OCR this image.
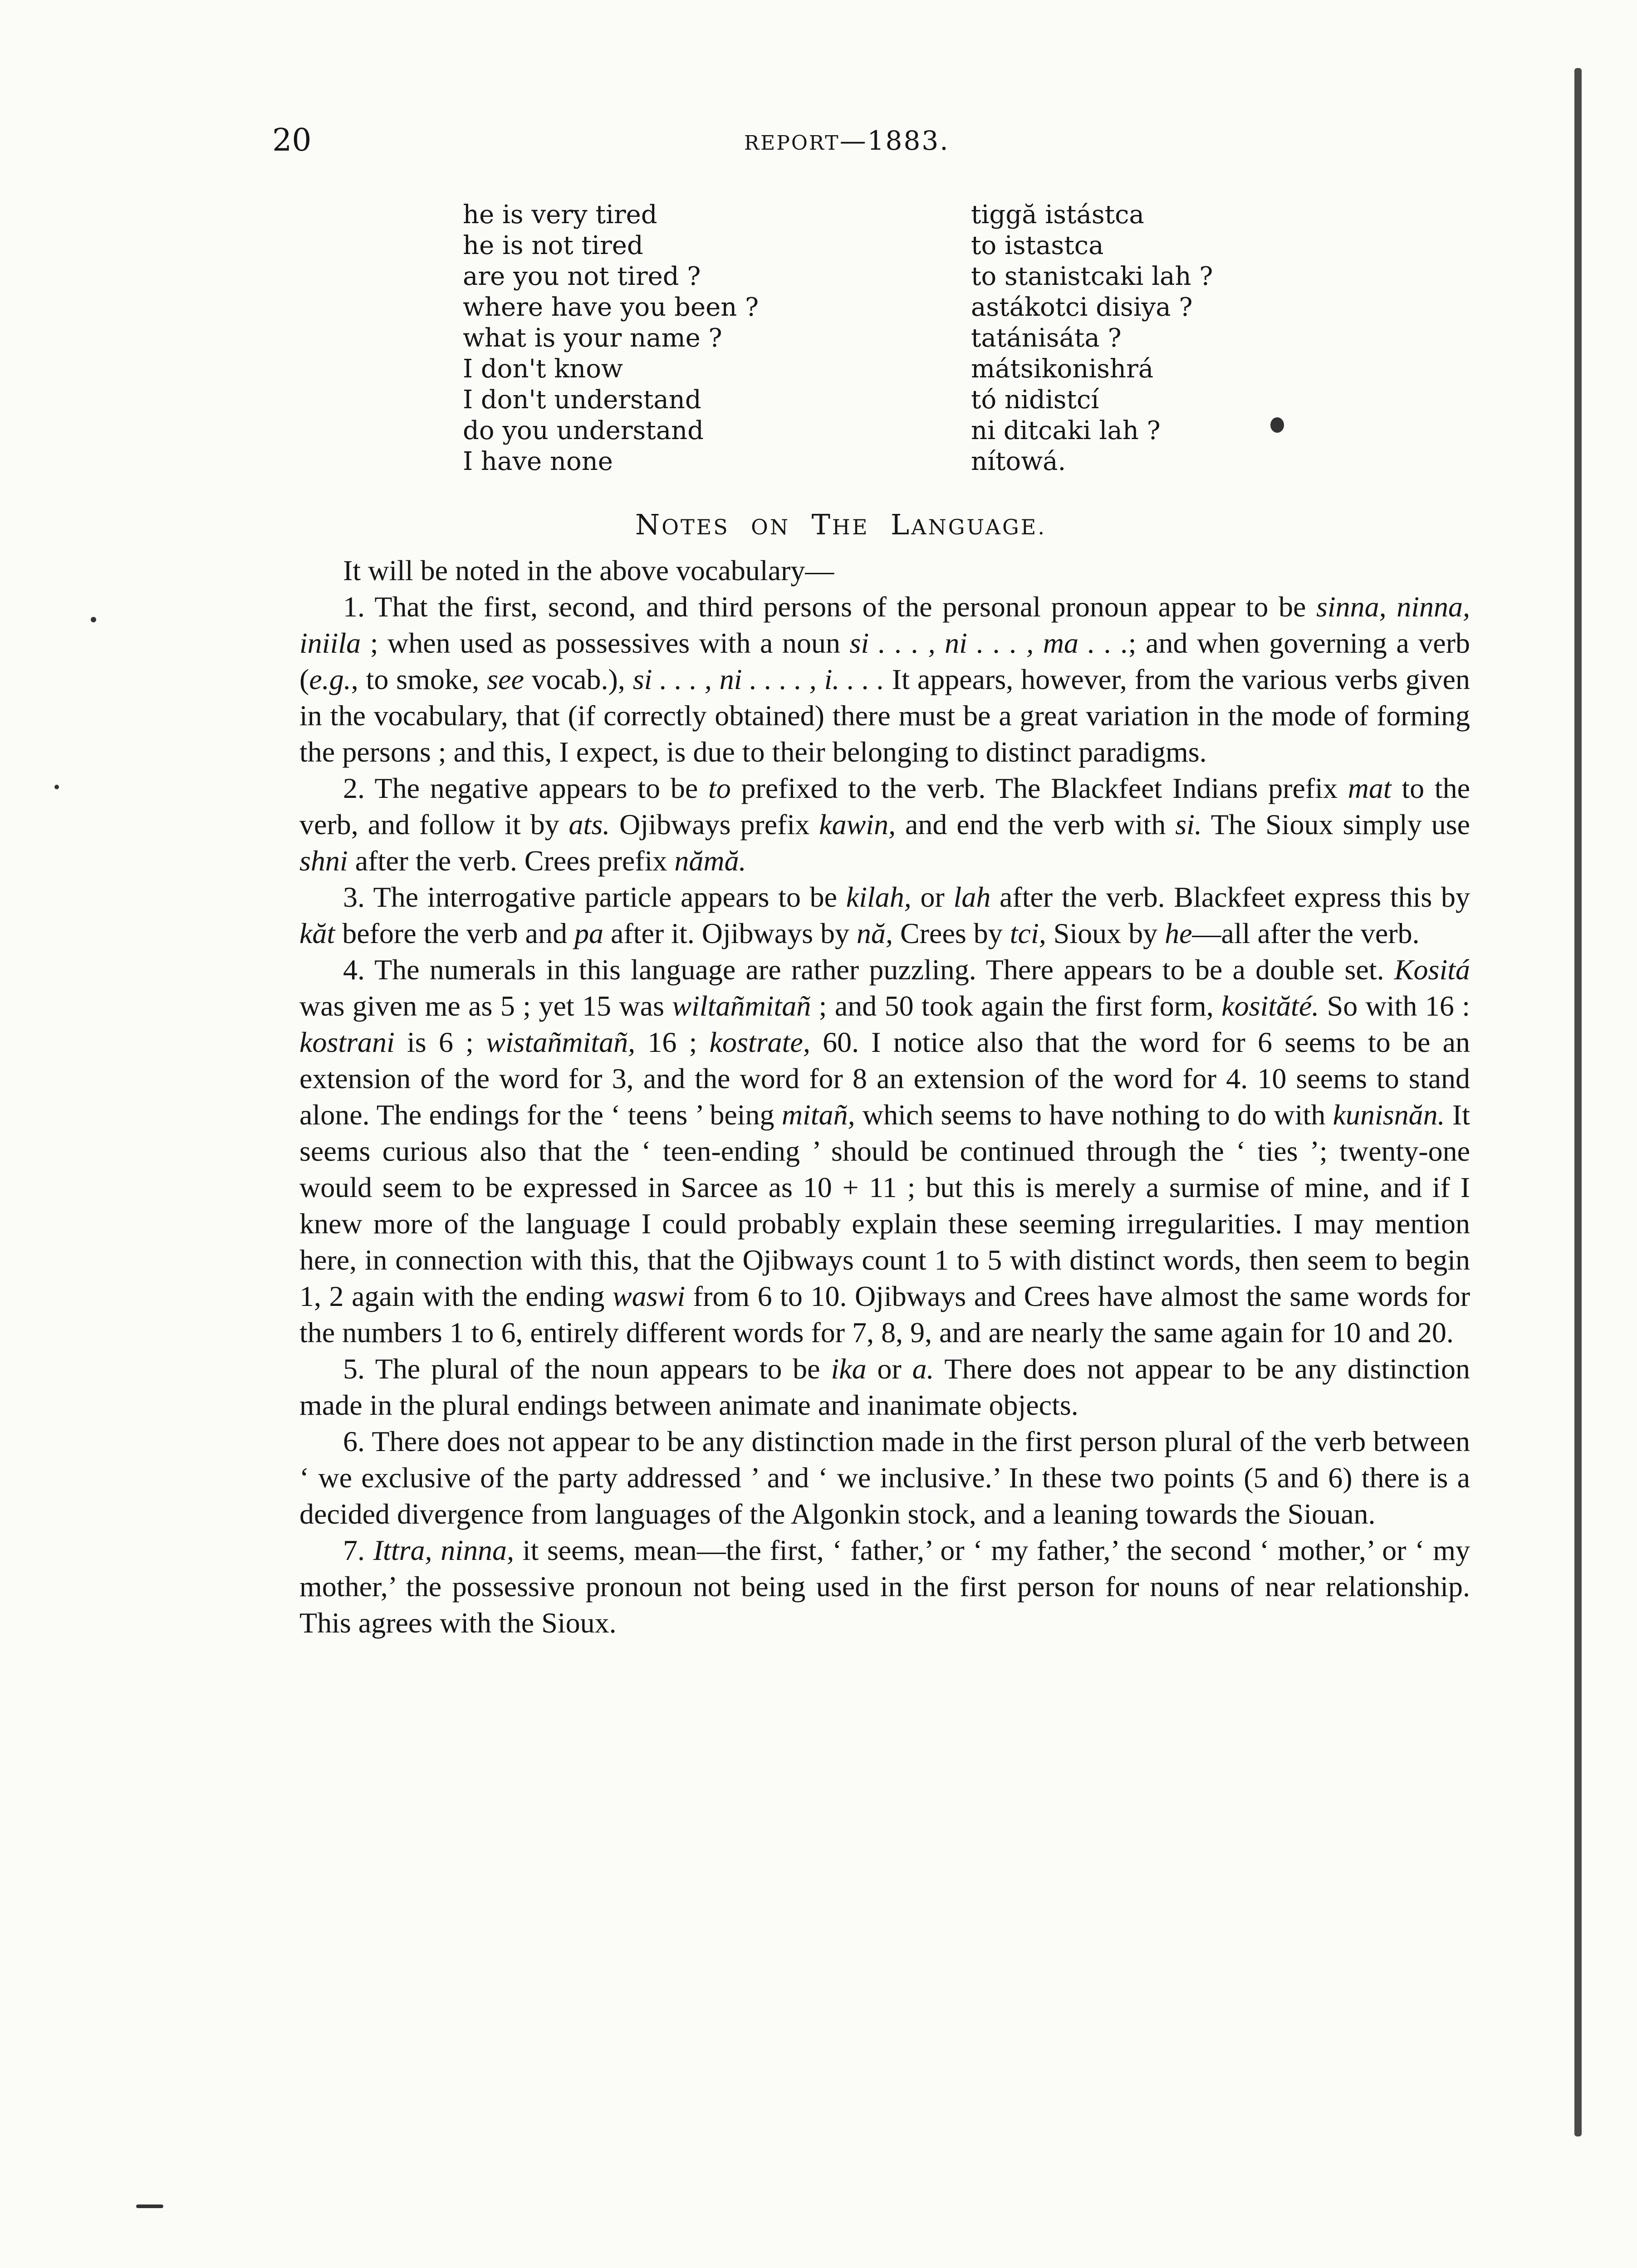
20	REPORT—1883.
he is very tired	tiggă istástca
he is not tired	to istastca
are you not tired ?	to stanistcaki lah ?
where have you been ?	astákotci disiya ?
what is your name ?	tatánisáta ?
I don't know	mátsikonishrá
I don't understand	tó nidistcí
do you understand	ni ditcaki lah ?
I have none	nítowá.
NOTES ON THE LANGUAGE.

It will be noted in the above vocabulary—

1. That the first, second, and third persons of the personal pronoun appear to be sinna, ninna, iniila ; when used as possessives with a noun si . . . , ni . . . , ma . . .; and when governing a verb (e.g., to smoke, see vocab.), si . . . , ni . . . . , i. . . . It appears, however, from the various verbs given in the vocabulary, that (if correctly obtained) there must be a great variation in the mode of forming the persons ; and this, I expect, is due to their belonging to distinct paradigms.

2. The negative appears to be to prefixed to the verb. The Blackfeet Indians prefix mat to the verb, and follow it by ats. Ojibways prefix kawin, and end the verb with si. The Sioux simply use shni after the verb. Crees prefix nămă.

3. The interrogative particle appears to be kilah, or lah after the verb. Blackfeet express this by kăt before the verb and pa after it. Ojibways by nă, Crees by tci, Sioux by he—all after the verb.

4. The numerals in this language are rather puzzling. There appears to be a double set. Kositá was given me as 5 ; yet 15 was wiltañmitañ ; and 50 took again the first form, kosităté. So with 16 : kostrani is 6 ; wistañmitañ, 16 ; kostrate, 60. I notice also that the word for 6 seems to be an extension of the word for 3, and the word for 8 an extension of the word for 4. 10 seems to stand alone. The endings for the ‘ teens ’ being mitañ, which seems to have nothing to do with kunisnăn. It seems curious also that the ‘ teen-ending ’ should be continued through the ‘ ties ’; twenty-one would seem to be expressed in Sarcee as 10 + 11 ; but this is merely a surmise of mine, and if I knew more of the language I could probably explain these seeming irregularities. I may mention here, in connection with this, that the Ojibways count 1 to 5 with distinct words, then seem to begin 1, 2 again with the ending waswi from 6 to 10. Ojibways and Crees have almost the same words for the numbers 1 to 6, entirely different words for 7, 8, 9, and are nearly the same again for 10 and 20.

5. The plural of the noun appears to be ika or a. There does not appear to be any distinction made in the plural endings between animate and inanimate objects.

6. There does not appear to be any distinction made in the first person plural of the verb between ‘ we exclusive of the party addressed ’ and ‘ we inclusive.’ In these two points (5 and 6) there is a decided divergence from languages of the Algonkin stock, and a leaning towards the Siouan.

7. Ittra, ninna, it seems, mean—the first, ‘ father,’ or ‘ my father,’ the second ‘ mother,’ or ‘ my mother,’ the possessive pronoun not being used in the first person for nouns of near relationship. This agrees with the Sioux.
